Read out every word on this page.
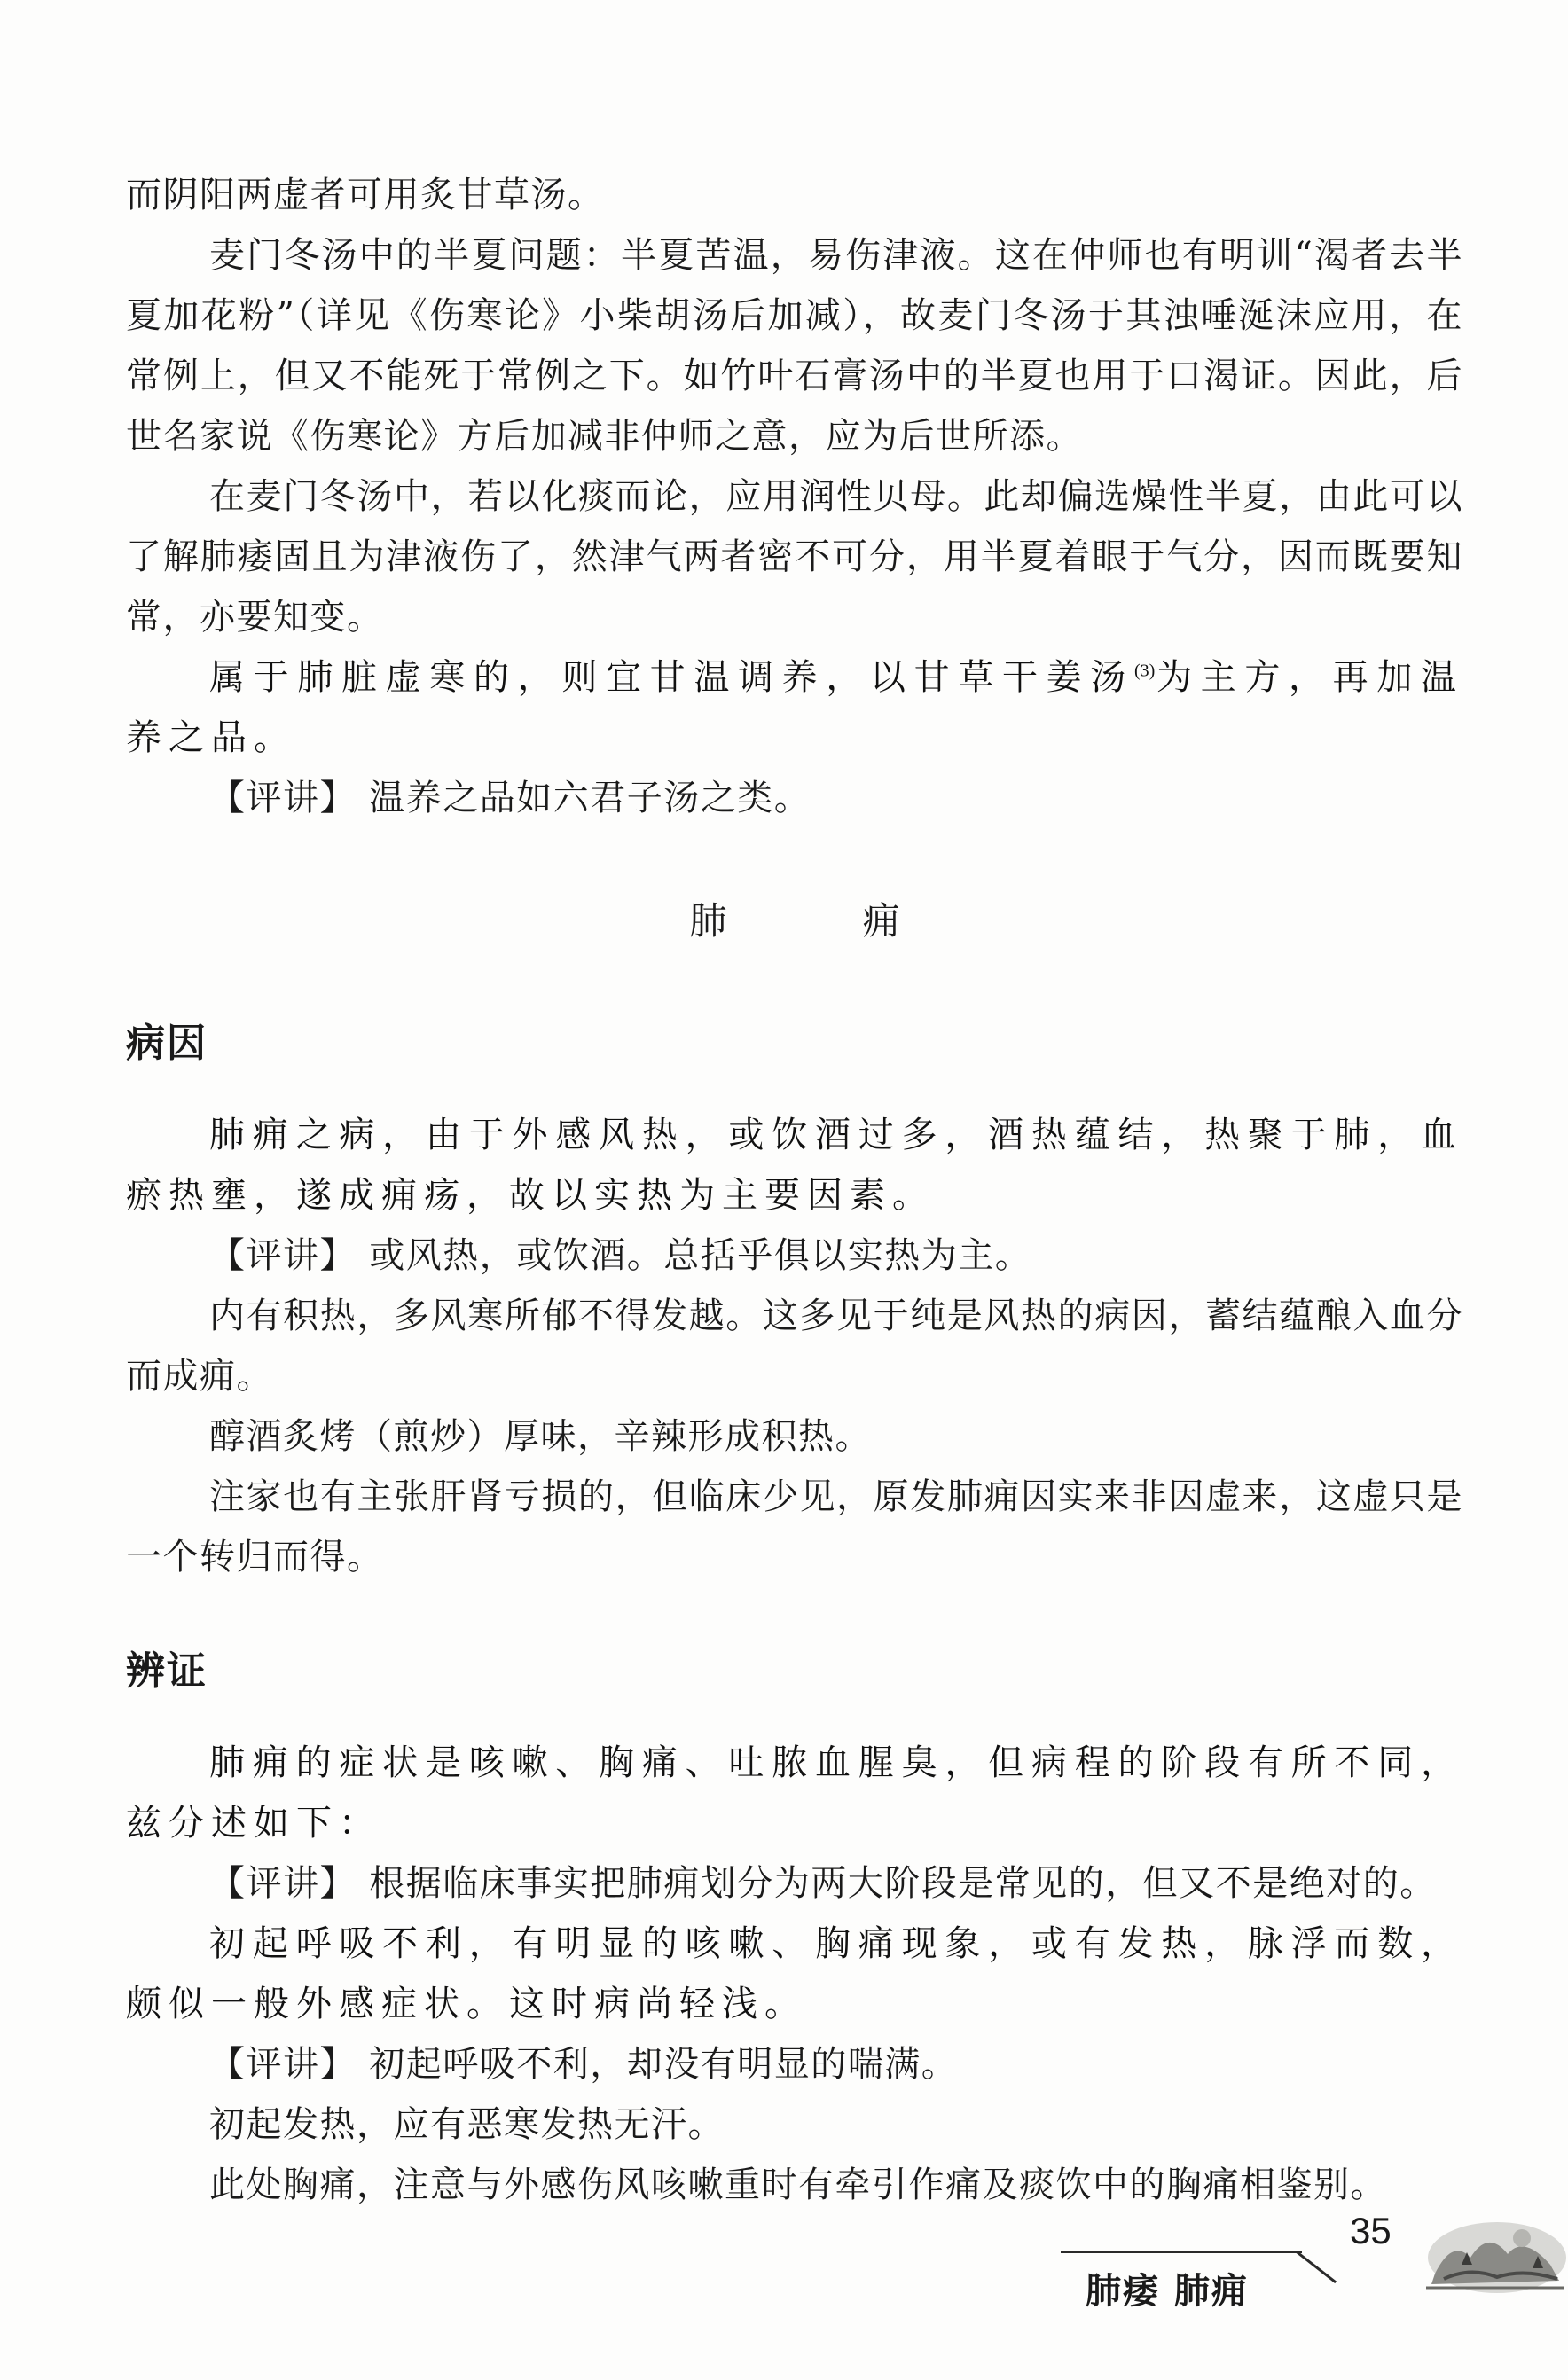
而阴阳两虚者可用炙甘草汤。

麦门冬汤中的半夏问题：半夏苦温，易伤津液。这在仲师也有明训“渴者去半夏加花粉”（详见《伤寒论》小柴胡汤后加减），故麦门冬汤于其浊唾涎沫应用，在常例上，但又不能死于常例之下。如竹叶石膏汤中的半夏也用于口渴证。因此，后世名家说《伤寒论》方后加减非仲师之意，应为后世所添。

在麦门冬汤中，若以化痰而论，应用润性贝母。此却偏选燥性半夏，由此可以了解肺痿固且为津液伤了，然津气两者密不可分，用半夏着眼于气分，因而既要知常，亦要知变。

属于肺脏虚寒的，则宜甘温调养，以甘草干姜汤$^{(3)}$为主方，再加温养之品。

【评讲】 温养之品如六君子汤之类。

肺 痈
病因

肺痈之病，由于外感风热，或饮酒过多，酒热蕴结，热聚于肺，血瘀热壅，遂成痈疡，故以实热为主要因素。

【评讲】 或风热，或饮酒。总括乎俱以实热为主。

内有积热，多风寒所郁不得发越。这多见于纯是风热的病因，蓄结蕴酿入血分而成痈。

醇酒炙烤（煎炒）厚味，辛辣形成积热。

注家也有主张肝肾亏损的，但临床少见，原发肺痈因实来非因虚来，这虚只是一个转归而得。

辨证

肺痈的症状是咳嗽、胸痛、吐脓血腥臭，但病程的阶段有所不同，兹分述如下：

【评讲】 根据临床事实把肺痈划分为两大阶段是常见的，但又不是绝对的。

初起呼吸不利，有明显的咳嗽、胸痛现象，或有发热，脉浮而数，颇似一般外感症状。这时病尚轻浅。

【评讲】 初起呼吸不利，却没有明显的喘满。

初起发热，应有恶寒发热无汗。

此处胸痛，注意与外感伤风咳嗽重时有牵引作痛及痰饮中的胸痛相鉴别。

肺痿 肺痈
35
